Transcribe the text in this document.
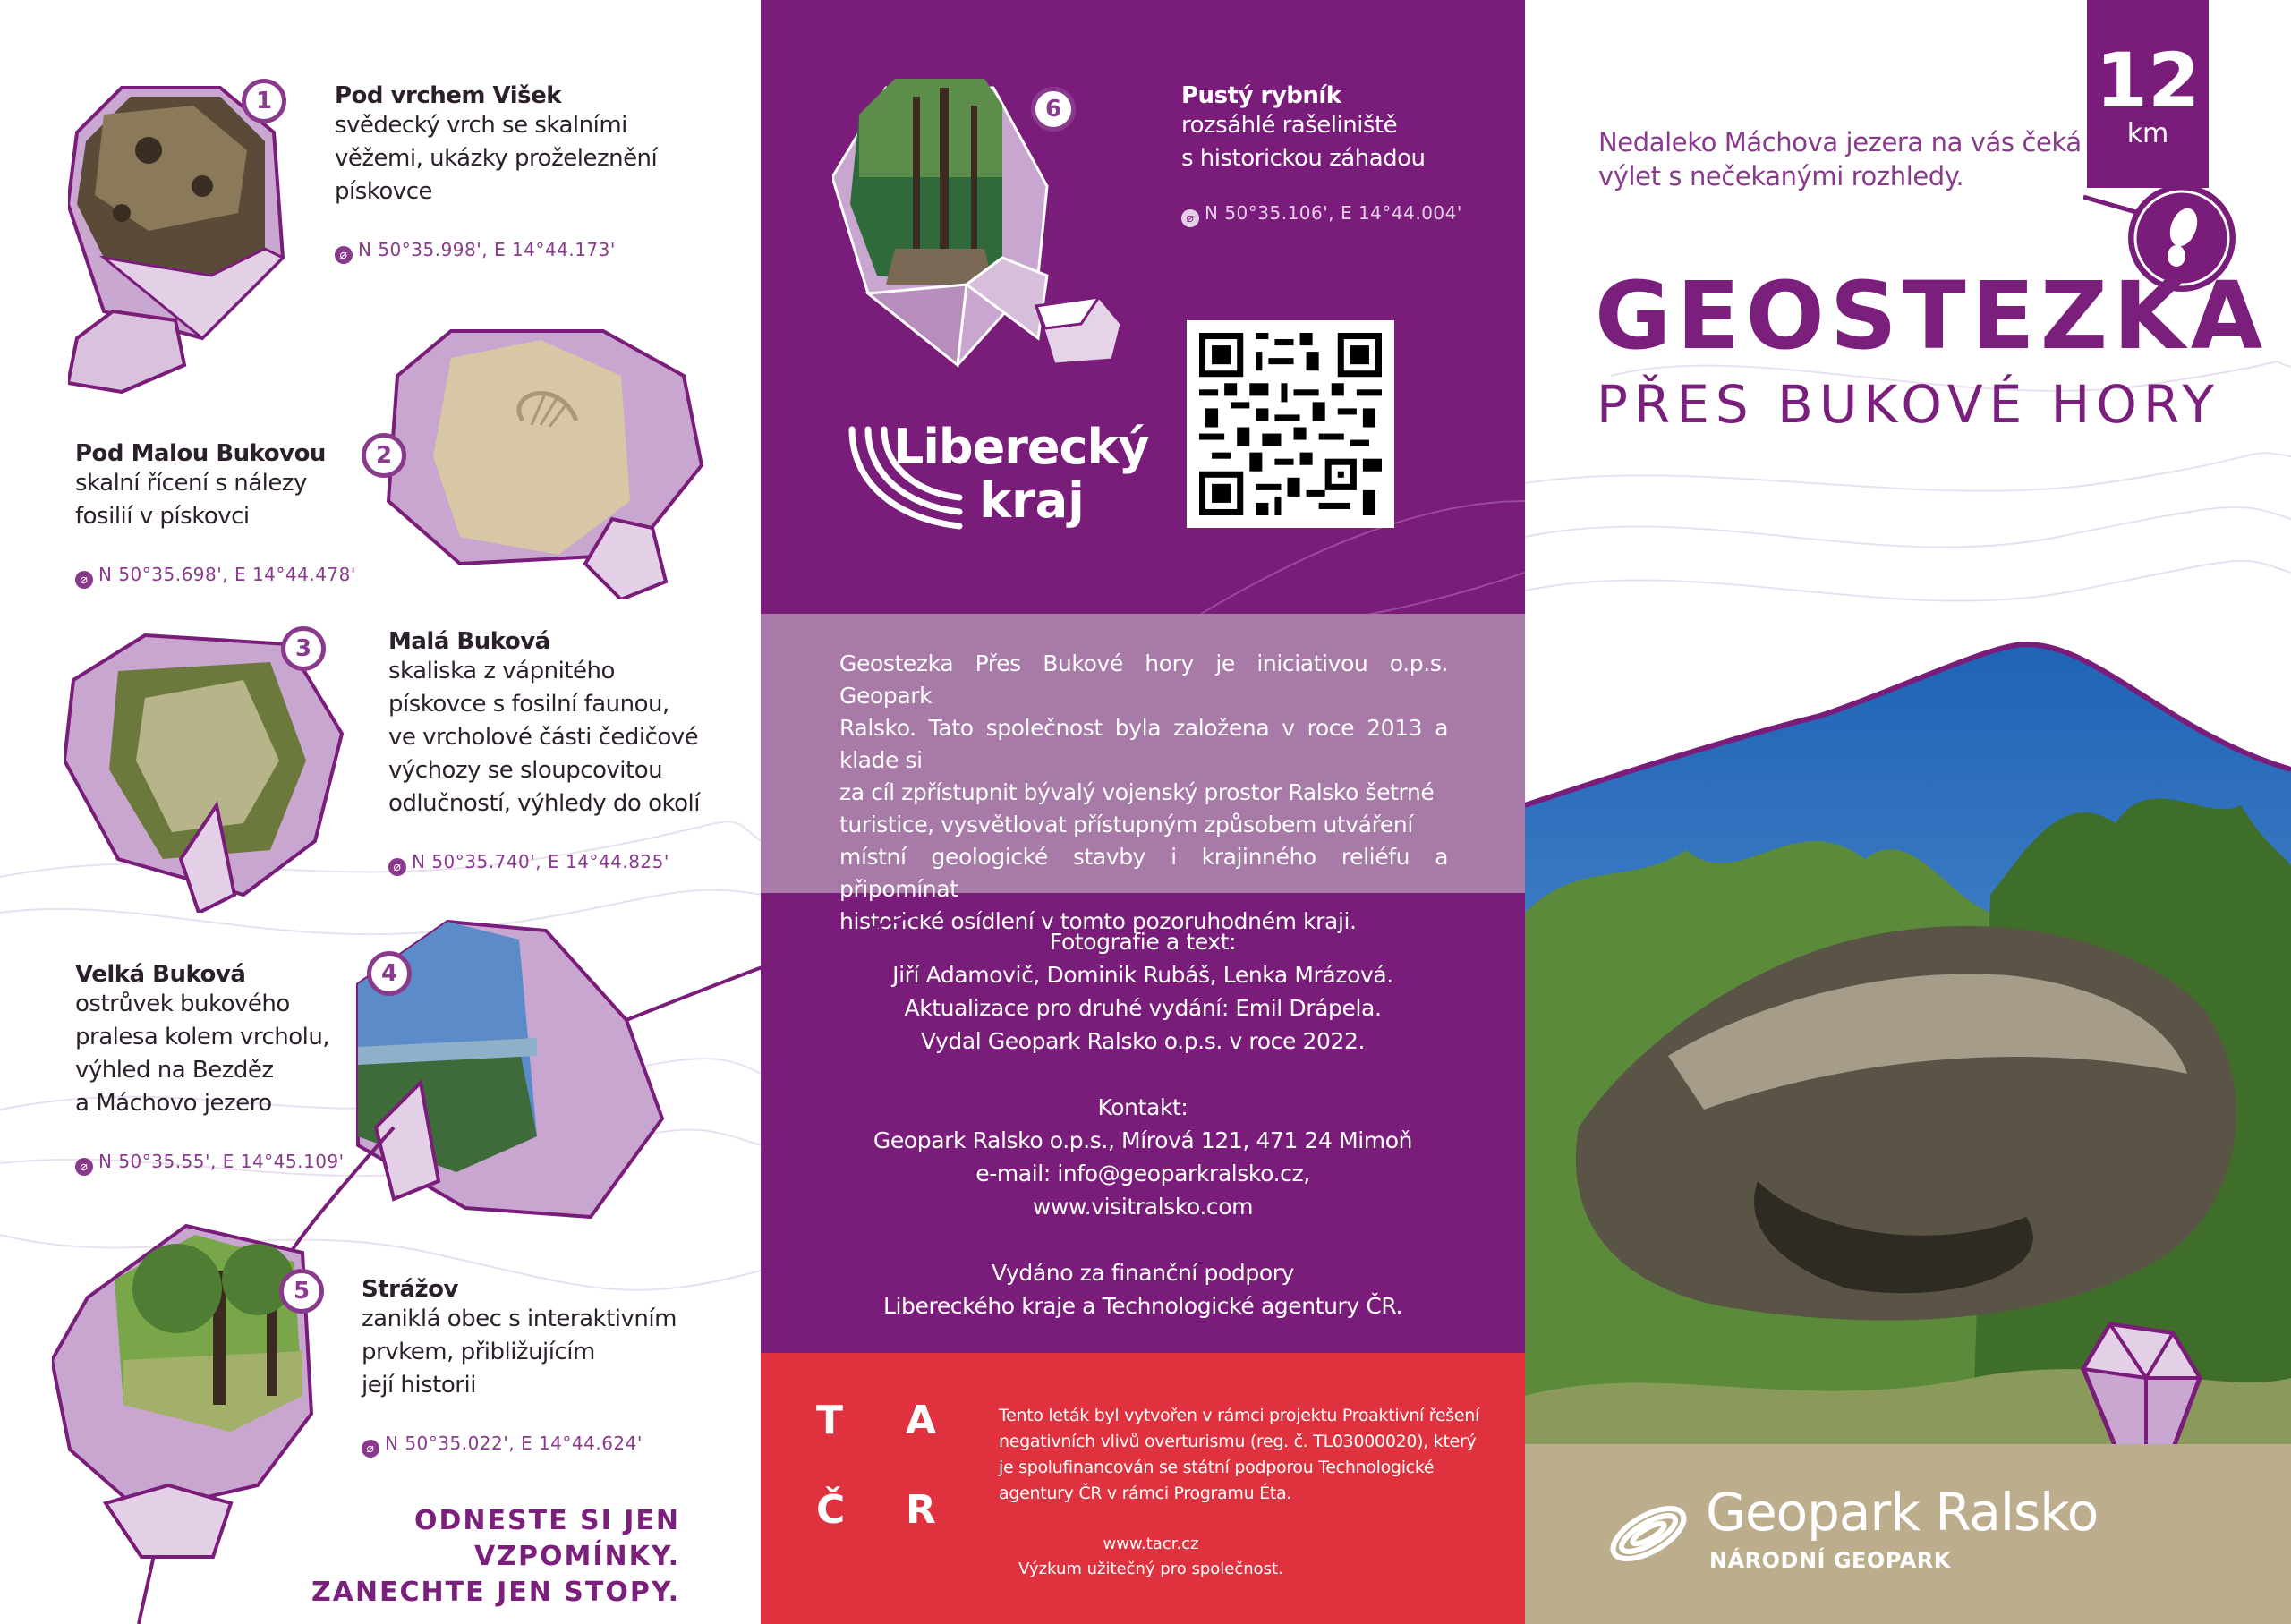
6	Pustý rybník
rozsáhlé rašeliniště
s historickou záhadou
⌀ N 50°35.106', E 14°44.004'
Liberecký
kraj
Geostezka Přes Bukové hory je iniciativou o.p.s. Geopark
Ralsko. Tato společnost byla založena v roce 2013 a klade si
za cíl zpřístupnit bývalý vojenský prostor Ralsko šetrné
turistice, vysvětlovat přístupným způsobem utváření
místní geologické stavby i krajinného reliéfu a připomínat
historické osídlení v tomto pozoruhodném kraji.
Fotografie a text:
Jiří Adamovič, Dominik Rubáš, Lenka Mrázová.
Aktualizace pro druhé vydání: Emil Drápela.
Vydal Geopark Ralsko o.p.s. v roce 2022.
Kontakt:
Geopark Ralsko o.p.s., Mírová 121, 471 24 Mimoň
e-mail: info@geoparkralsko.cz,
www.visitralsko.com
Vydáno za finanční podpory
Libereckého kraje a Technologické agentury ČR.
T A
Č R
Tento leták byl vytvořen v rámci projektu Proaktivní řešení
negativních vlivů overturismu (reg. č. TL03000020), který
je spolufinancován se státní podporou Technologické
agentury ČR v rámci Programu Éta.
www.tacr.cz
Výzkum užitečný pro společnost.
1	Pod vrchem Višek
svědecký vrch se skalními
věžemi, ukázky proželeznění
pískovce
⌀ N 50°35.998', E 14°44.173'
2
Pod Malou Bukovou
skalní řícení s nálezy
fosilií v pískovci
⌀ N 50°35.698', E 14°44.478'
3	Malá Buková
skaliska z vápnitého
pískovce s fosilní faunou,
ve vrcholové části čedičové
výchozy se sloupcovitou
odlučností, výhledy do okolí
⌀ N 50°35.740', E 14°44.825'
4
Velká Buková
ostrůvek bukového
pralesa kolem vrcholu,
výhled na Bezděz
a Máchovo jezero
⌀ N 50°35.55', E 14°45.109'
5	Strážov
zaniklá obec s interaktivním
prvkem, přibližujícím
její historii
⌀ N 50°35.022', E 14°44.624'
ODNESTE SI JEN VZPOMÍNKY.
ZANECHTE JEN STOPY.
12
km
Nedaleko Máchova jezera na vás čeká
výlet s nečekanými rozhledy.
GEOSTEZKA
PŘES BUKOVÉ HORY
Geopark Ralsko
NÁRODNÍ GEOPARK
